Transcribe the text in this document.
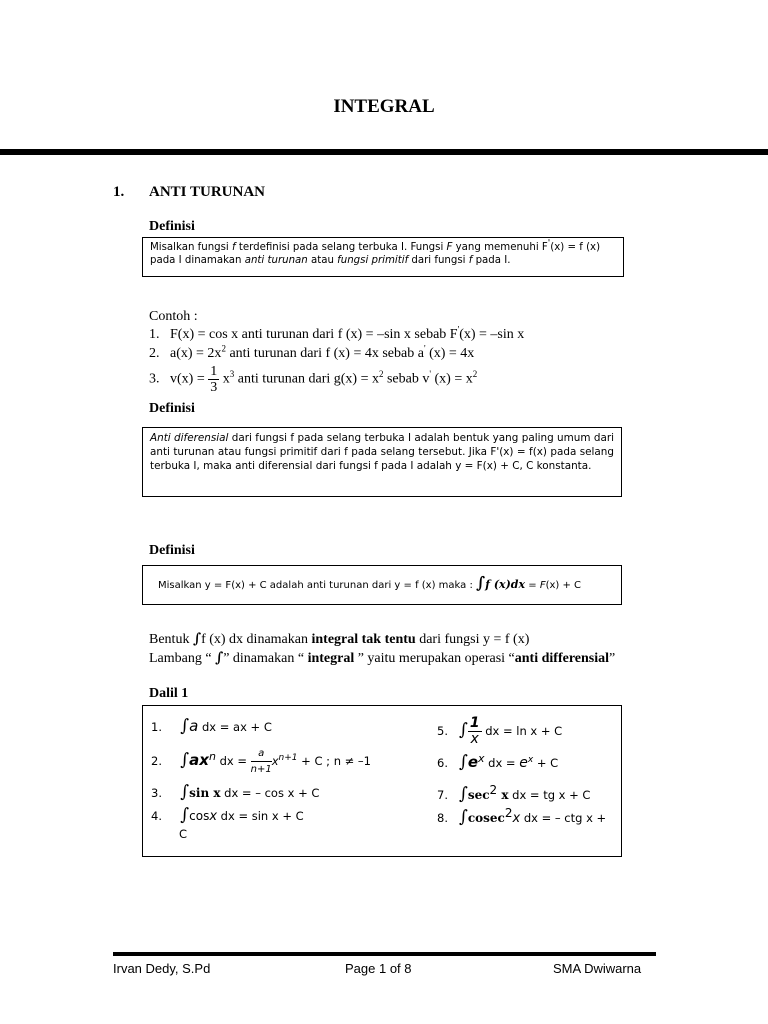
INTEGRAL
1. ANTI TURUNAN
Definisi
Misalkan fungsi f terdefinisi pada selang terbuka I. Fungsi F yang memenuhi F'(x) = f (x)
pada I dinamakan anti turunan atau fungsi primitif dari fungsi f pada I.
Contoh :
1. F(x) = cos x anti turunan dari f (x) = –sin x sebab F'(x) = –sin x
2. $a(x) = 2x^2$ anti turunan dari f (x) = 4x sebab a' (x) = 4x
3. $v(x) = \frac{1}{3} x^3$ anti turunan dari $g(x) = x^2$ sebab v' $(x) = x^2$
Definisi
Anti diferensial dari fungsi f pada selang terbuka I adalah bentuk yang paling umum dari anti turunan atau fungsi primitif dari f pada selang tersebut. Jika F'(x) = f(x) pada selang terbuka I, maka anti diferensial dari fungsi f pada I adalah y = F(x) + C, C konstanta.
Definisi
Misalkan y = F(x) + C adalah anti turunan dari y = f (x) maka : ∫f (x)dx = F(x) + C
Bentuk ∫f (x) dx dinamakan integral tak tentu dari fungsi y = f (x)
Lambang “ ∫” dinamakan “ integral ” yaitu merupakan operasi “anti differensial”
Dalil 1
1. ∫a dx = ax + C
2. ∫axn dx = $\frac{a}{n+1} x^{n+1} + C$ ; n ≠ –1
3. ∫sin x dx = – cos x + C
4. ∫cosx dx = sin x + C
C
5. ∫ $\frac{1}{x}$ dx = ln x + C
6. ∫ex dx = $e^x + C$
7. ∫sec2 x dx = tg x + C
8. ∫cosec2x dx = – ctg x +
Irvan Dedy, S.Pd	Page 1 of 8	SMA Dwiwarna
